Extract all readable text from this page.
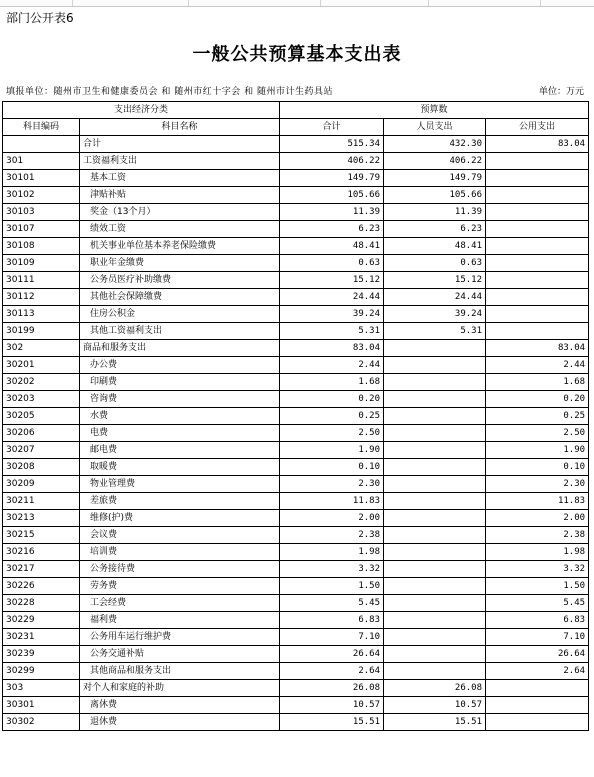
部门公开表6
一般公共预算基本支出表
填报单位：随州市卫生和健康委员会 和 随州市红十字会 和 随州市计生药具站	单位：万元
支出经济分类		预算数		
科目编码	科目名称	合计	人员支出	公用支出
	合计	515.34	432.30	83.04
301	工资福利支出	406.22	406.22	
30101	基本工资	149.79	149.79	
30102	津贴补贴	105.66	105.66	
30103	奖金（13个月）	11.39	11.39	
30107	绩效工资	6.23	6.23	
30108	机关事业单位基本养老保险缴费	48.41	48.41	
30109	职业年金缴费	0.63	0.63	
30111	公务员医疗补助缴费	15.12	15.12	
30112	其他社会保障缴费	24.44	24.44	
30113	住房公积金	39.24	39.24	
30199	其他工资福利支出	5.31	5.31	
302	商品和服务支出	83.04		83.04
30201	办公费	2.44		2.44
30202	印刷费	1.68		1.68
30203	咨询费	0.20		0.20
30205	水费	0.25		0.25
30206	电费	2.50		2.50
30207	邮电费	1.90		1.90
30208	取暖费	0.10		0.10
30209	物业管理费	2.30		2.30
30211	差旅费	11.83		11.83
30213	维修(护)费	2.00		2.00
30215	会议费	2.38		2.38
30216	培训费	1.98		1.98
30217	公务接待费	3.32		3.32
30226	劳务费	1.50		1.50
30228	工会经费	5.45		5.45
30229	福利费	6.83		6.83
30231	公务用车运行维护费	7.10		7.10
30239	公务交通补贴	26.64		26.64
30299	其他商品和服务支出	2.64		2.64
303	对个人和家庭的补助	26.08	26.08	
30301	离休费	10.57	10.57	
30302	退休费	15.51	15.51	
